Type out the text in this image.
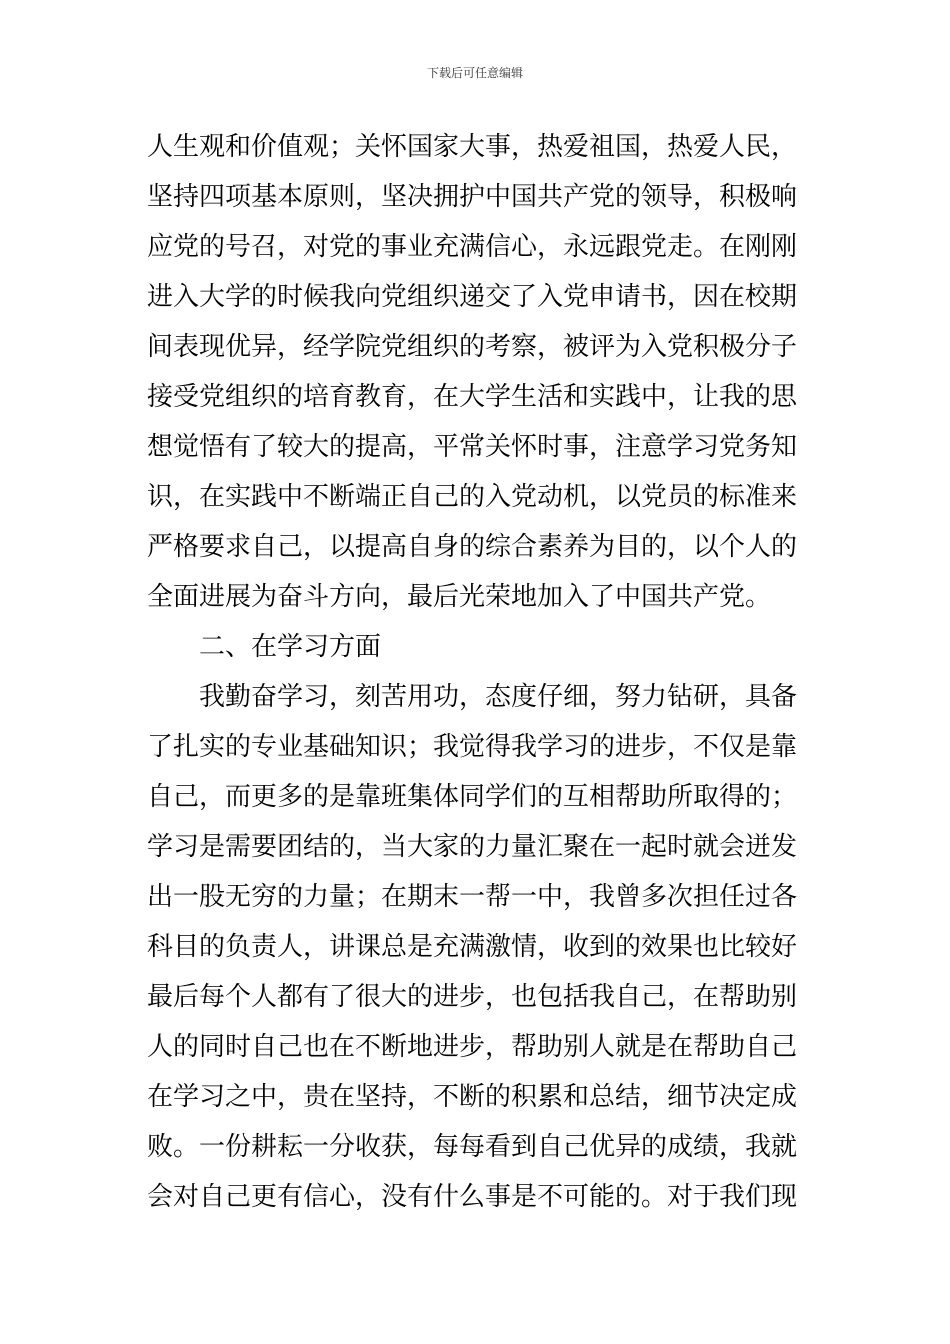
下载后可任意编辑
人生观和价值观；关怀国家大事，热爱祖国，热爱人民，
坚持四项基本原则，坚决拥护中国共产党的领导，积极响
应党的号召，对党的事业充满信心，永远跟党走。在刚刚
进入大学的时候我向党组织递交了入党申请书，因在校期
间表现优异，经学院党组织的考察，被评为入党积极分子
接受党组织的培育教育，在大学生活和实践中，让我的思
想觉悟有了较大的提高，平常关怀时事，注意学习党务知
识，在实践中不断端正自己的入党动机，以党员的标准来
严格要求自己，以提高自身的综合素养为目的，以个人的
全面进展为奋斗方向，最后光荣地加入了中国共产党。
二、在学习方面
我勤奋学习，刻苦用功，态度仔细，努力钻研，具备
了扎实的专业基础知识；我觉得我学习的进步，不仅是靠
自己，而更多的是靠班集体同学们的互相帮助所取得的；
学习是需要团结的，当大家的力量汇聚在一起时就会迸发
出一股无穷的力量；在期末一帮一中，我曾多次担任过各
科目的负责人，讲课总是充满激情，收到的效果也比较好
最后每个人都有了很大的进步，也包括我自己，在帮助别
人的同时自己也在不断地进步，帮助别人就是在帮助自己
在学习之中，贵在坚持，不断的积累和总结，细节决定成
败。一份耕耘一分收获，每每看到自己优异的成绩，我就
会对自己更有信心，没有什么事是不可能的。对于我们现
